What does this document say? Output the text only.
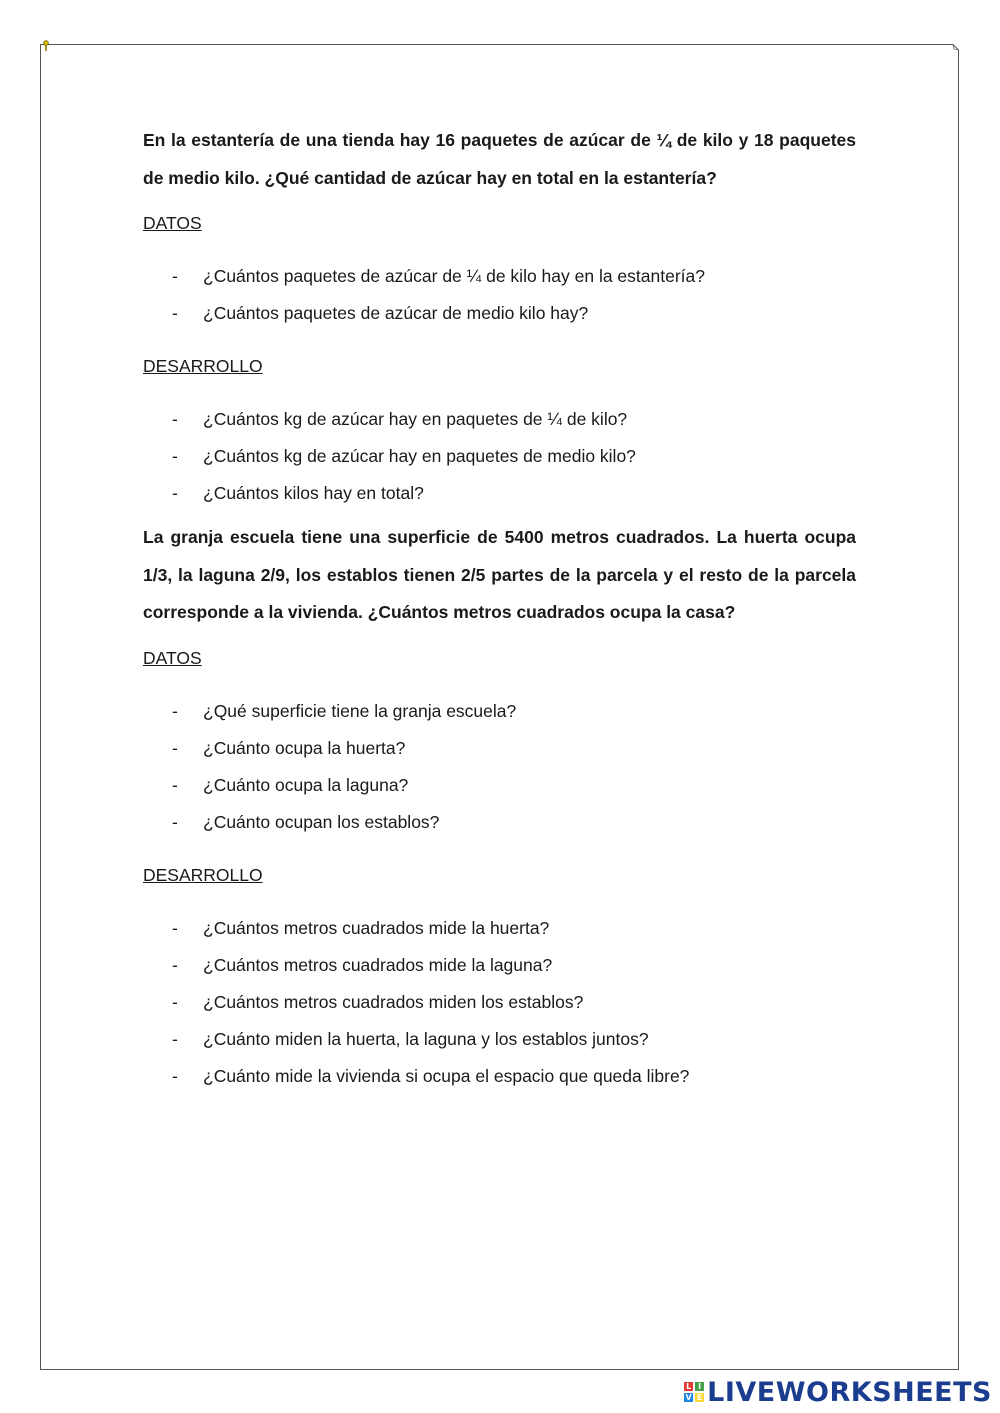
En la estantería de una tienda hay 16 paquetes de azúcar de ¼ de kilo y 18 paquetes de medio kilo. ¿Qué cantidad de azúcar hay en total en la estantería?

DATOS

- ¿Cuántos paquetes de azúcar de ¼ de kilo hay en la estantería?
- ¿Cuántos paquetes de azúcar de medio kilo hay?

DESARROLLO

- ¿Cuántos kg de azúcar hay en paquetes de ¼ de kilo?
- ¿Cuántos kg de azúcar hay en paquetes de medio kilo?
- ¿Cuántos kilos hay en total?

La granja escuela tiene una superficie de 5400 metros cuadrados. La huerta ocupa 1/3, la laguna 2/9, los establos tienen 2/5 partes de la parcela y el resto de la parcela corresponde a la vivienda. ¿Cuántos metros cuadrados ocupa la casa?

DATOS

- ¿Qué superficie tiene la granja escuela?
- ¿Cuánto ocupa la huerta?
- ¿Cuánto ocupa la laguna?
- ¿Cuánto ocupan los establos?

DESARROLLO

- ¿Cuántos metros cuadrados mide la huerta?
- ¿Cuántos metros cuadrados mide la laguna?
- ¿Cuántos metros cuadrados miden los establos?
- ¿Cuánto miden la huerta, la laguna y los establos juntos?
- ¿Cuánto mide la vivienda si ocupa el espacio que queda libre?
L I
V E LIVEWORKSHEETS
